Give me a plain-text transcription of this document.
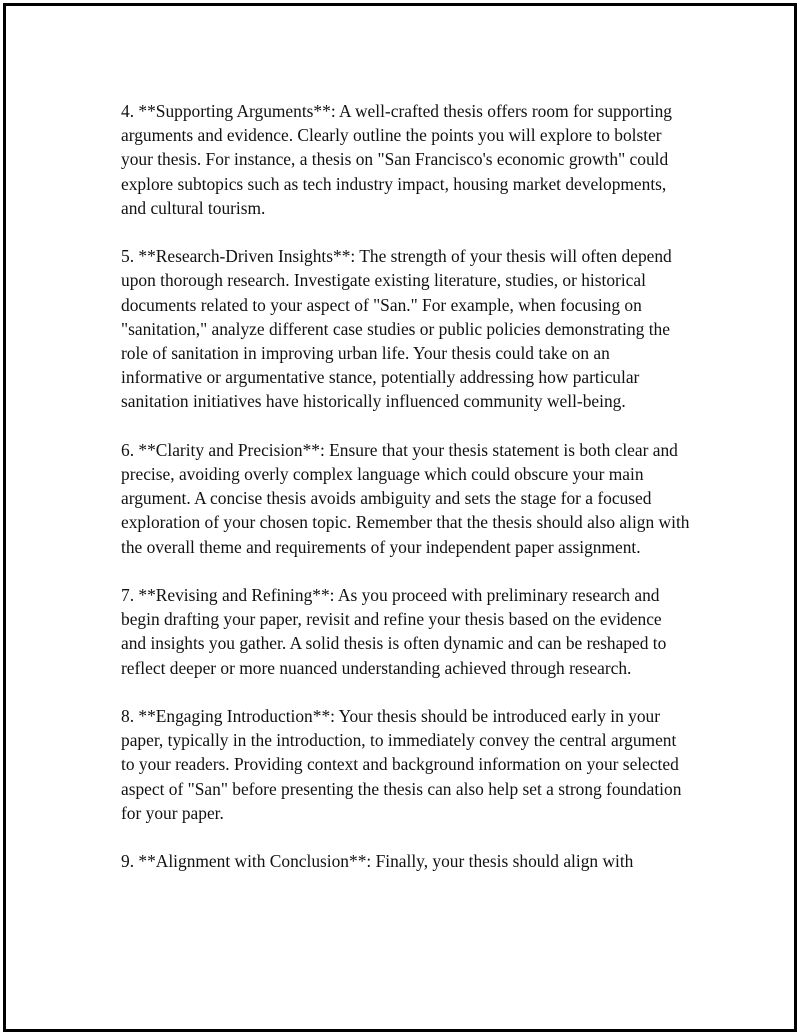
4. **Supporting Arguments**: A well-crafted thesis offers room for supporting arguments and evidence. Clearly outline the points you will explore to bolster your thesis. For instance, a thesis on "San Francisco's economic growth" could explore subtopics such as tech industry impact, housing market developments, and cultural tourism.

5. **Research-Driven Insights**: The strength of your thesis will often depend upon thorough research. Investigate existing literature, studies, or historical documents related to your aspect of "San." For example, when focusing on "sanitation," analyze different case studies or public policies demonstrating the role of sanitation in improving urban life. Your thesis could take on an informative or argumentative stance, potentially addressing how particular sanitation initiatives have historically influenced community well-being.

6. **Clarity and Precision**: Ensure that your thesis statement is both clear and precise, avoiding overly complex language which could obscure your main argument. A concise thesis avoids ambiguity and sets the stage for a focused exploration of your chosen topic. Remember that the thesis should also align with the overall theme and requirements of your independent paper assignment.

7. **Revising and Refining**: As you proceed with preliminary research and begin drafting your paper, revisit and refine your thesis based on the evidence and insights you gather. A solid thesis is often dynamic and can be reshaped to reflect deeper or more nuanced understanding achieved through research.

8. **Engaging Introduction**: Your thesis should be introduced early in your paper, typically in the introduction, to immediately convey the central argument to your readers. Providing context and background information on your selected aspect of "San" before presenting the thesis can also help set a strong foundation for your paper.

9. **Alignment with Conclusion**: Finally, your thesis should align with
